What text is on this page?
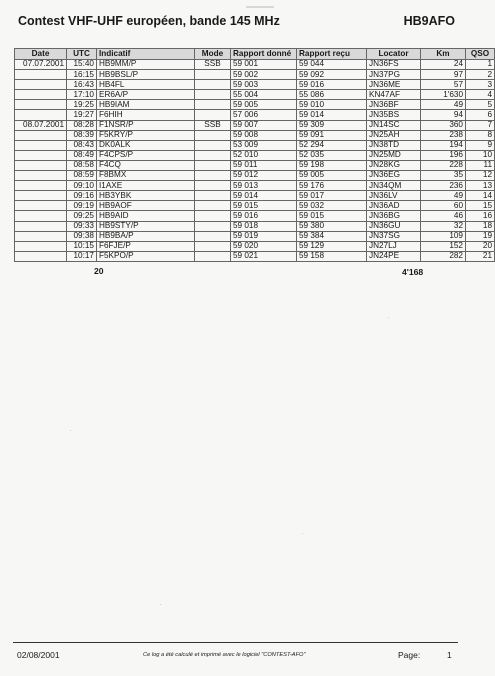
Contest VHF-UHF européen, bande 145 MHz	HB9AFO
Date	UTC	Indicatif	Mode	Rapport donné	Rapport reçu	Locator	Km	QSO
07.07.2001	15:40	HB9MM/P	SSB	59 001	59 044	JN36FS	24	1
	16:15	HB9BSL/P		59 002	59 092	JN37PG	97	2
	16:43	HB4FL		59 003	59 016	JN36ME	57	3
	17:10	ER6A/P		55 004	55 086	KN47AF	1'630	4
	19:25	HB9IAM		59 005	59 010	JN36BF	49	5
	19:27	F6HIH		57 006	59 014	JN35BS	94	6
08.07.2001	08:28	F1NSR/P	SSB	59 007	59 309	JN14SC	360	7
	08:39	F5KRY/P		59 008	59 091	JN25AH	238	8
	08:43	DK0ALK		53 009	52 294	JN38TD	194	9
	08:49	F4CPS/P		52 010	52 035	JN25MD	196	10
	08:58	F4CQ		59 011	59 198	JN28KG	228	11
	08:59	F8BMX		59 012	59 005	JN36EG	35	12
	09:10	I1AXE		59 013	59 176	JN34QM	236	13
	09:16	HB3YBK		59 014	59 017	JN36LV	49	14
	09:19	HB9AOF		59 015	59 032	JN36AD	60	15
	09:25	HB9AID		59 016	59 015	JN36BG	46	16
	09:33	HB9STY/P		59 018	59 380	JN36GU	32	18
	09:38	HB9BA/P		59 019	59 384	JN37SG	109	19
	10:15	F6FJE/P		59 020	59 129	JN27LJ	152	20
	10:17	F5KPO/P		59 021	59 158	JN24PE	282	21
20	4'168
02/08/2001	Ce log a été calculé et imprimé avec le logiciel "CONTEST-AFO"	Page:	1
